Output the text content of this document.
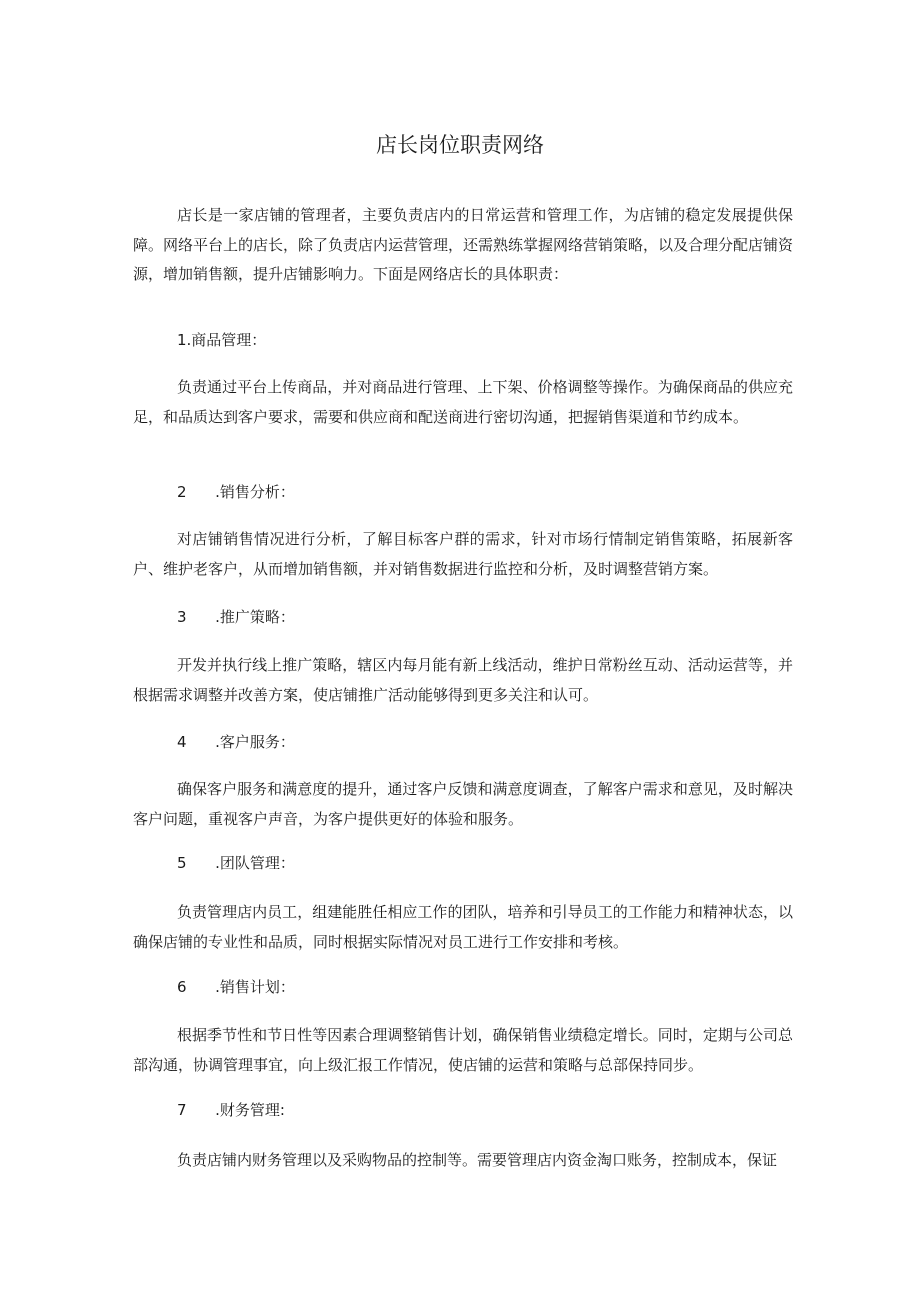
店长岗位职责网络

店长是一家店铺的管理者，主要负责店内的日常运营和管理工作，为店铺的稳定发展提供保障。网络平台上的店长，除了负责店内运营管理，还需熟练掌握网络营销策略，以及合理分配店铺资源，增加销售额，提升店铺影响力。下面是网络店长的具体职责：

1.商品管理：

负责通过平台上传商品，并对商品进行管理、上下架、价格调整等操作。为确保商品的供应充足，和品质达到客户要求，需要和供应商和配送商进行密切沟通，把握销售渠道和节约成本。

2	.销售分析：

对店铺销售情况进行分析，了解目标客户群的需求，针对市场行情制定销售策略，拓展新客户、维护老客户，从而增加销售额，并对销售数据进行监控和分析，及时调整营销方案。

3	.推广策略：

开发并执行线上推广策略，辖区内每月能有新上线活动，维护日常粉丝互动、活动运营等，并根据需求调整并改善方案，使店铺推广活动能够得到更多关注和认可。

4	.客户服务：

确保客户服务和满意度的提升，通过客户反馈和满意度调查，了解客户需求和意见，及时解决客户问题，重视客户声音，为客户提供更好的体验和服务。

5	.团队管理：

负责管理店内员工，组建能胜任相应工作的团队，培养和引导员工的工作能力和精神状态，以确保店铺的专业性和品质，同时根据实际情况对员工进行工作安排和考核。

6	.销售计划：

根据季节性和节日性等因素合理调整销售计划，确保销售业绩稳定增长。同时，定期与公司总部沟通，协调管理事宜，向上级汇报工作情况，使店铺的运营和策略与总部保持同步。

7	.财务管理:

负责店铺内财务管理以及采购物品的控制等。需要管理店内资金淘口账务，控制成本，保证
